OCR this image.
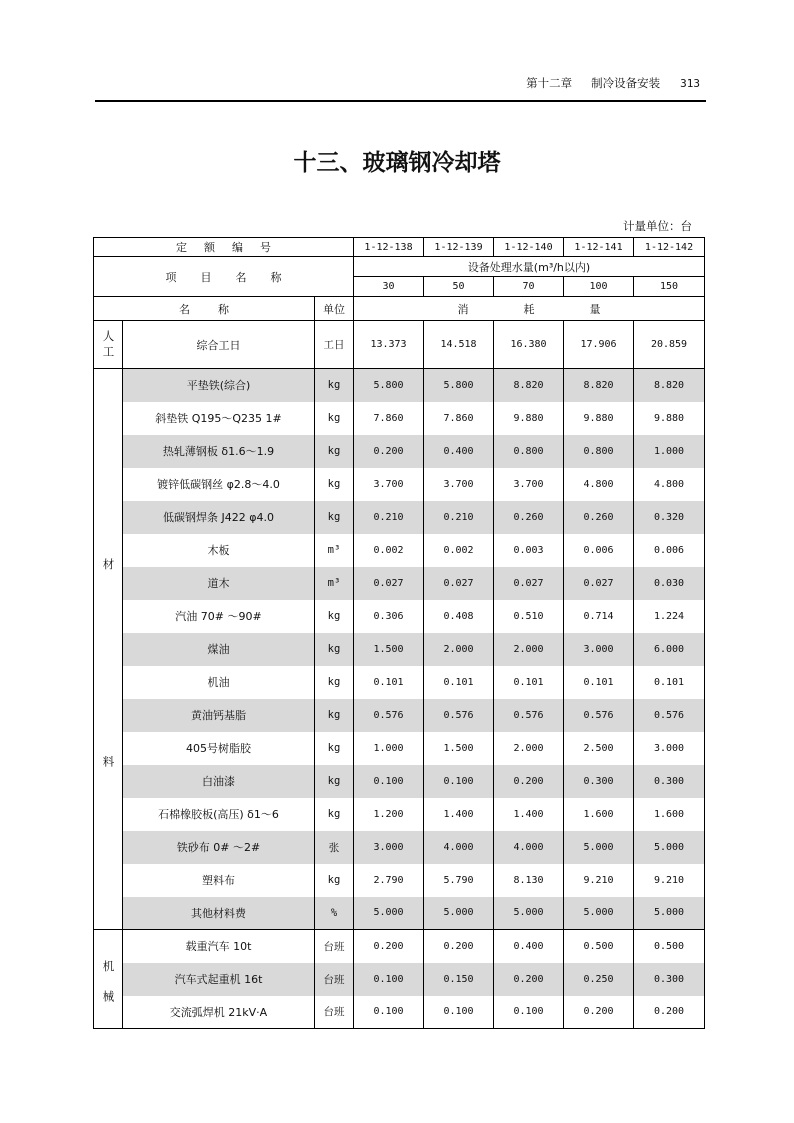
第十二章 制冷设备安装 313
十三、玻璃钢冷却塔
计量单位：台
定额编号			1-12-138	1-12-139	1-12-140	1-12-141	1-12-142
项目名称			设备处理水量(m³/h以内)				
			30	50	70	100	150
名称		单位	消耗量				

人工	综合工日	工日	13.373	14.518	16.380	17.906	20.859

材料	平垫铁(综合)	kg	5.800	5.800	8.820	8.820	8.820
	斜垫铁 Q195～Q235 1#	kg	7.860	7.860	9.880	9.880	9.880
	热轧薄钢板 δ1.6～1.9	kg	0.200	0.400	0.800	0.800	1.000
	镀锌低碳钢丝 φ2.8～4.0	kg	3.700	3.700	3.700	4.800	4.800
	低碳钢焊条 J422 φ4.0	kg	0.210	0.210	0.260	0.260	0.320
	木板	m³	0.002	0.002	0.003	0.006	0.006
	道木	m³	0.027	0.027	0.027	0.027	0.030
	汽油 70# ～90#	kg	0.306	0.408	0.510	0.714	1.224
	煤油	kg	1.500	2.000	2.000	3.000	6.000
	机油	kg	0.101	0.101	0.101	0.101	0.101
	黄油钙基脂	kg	0.576	0.576	0.576	0.576	0.576
	405号树脂胶	kg	1.000	1.500	2.000	2.500	3.000
	白油漆	kg	0.100	0.100	0.200	0.300	0.300
	石棉橡胶板(高压) δ1～6	kg	1.200	1.400	1.400	1.600	1.600
	铁砂布 0# ～2#	张	3.000	4.000	4.000	5.000	5.000
	塑料布	kg	2.790	5.790	8.130	9.210	9.210
	其他材料费	%	5.000	5.000	5.000	5.000	5.000

机械	载重汽车 10t	台班	0.200	0.200	0.400	0.500	0.500
	汽车式起重机 16t	台班	0.100	0.150	0.200	0.250	0.300
	交流弧焊机 21kV·A	台班	0.100	0.100	0.100	0.200	0.200
